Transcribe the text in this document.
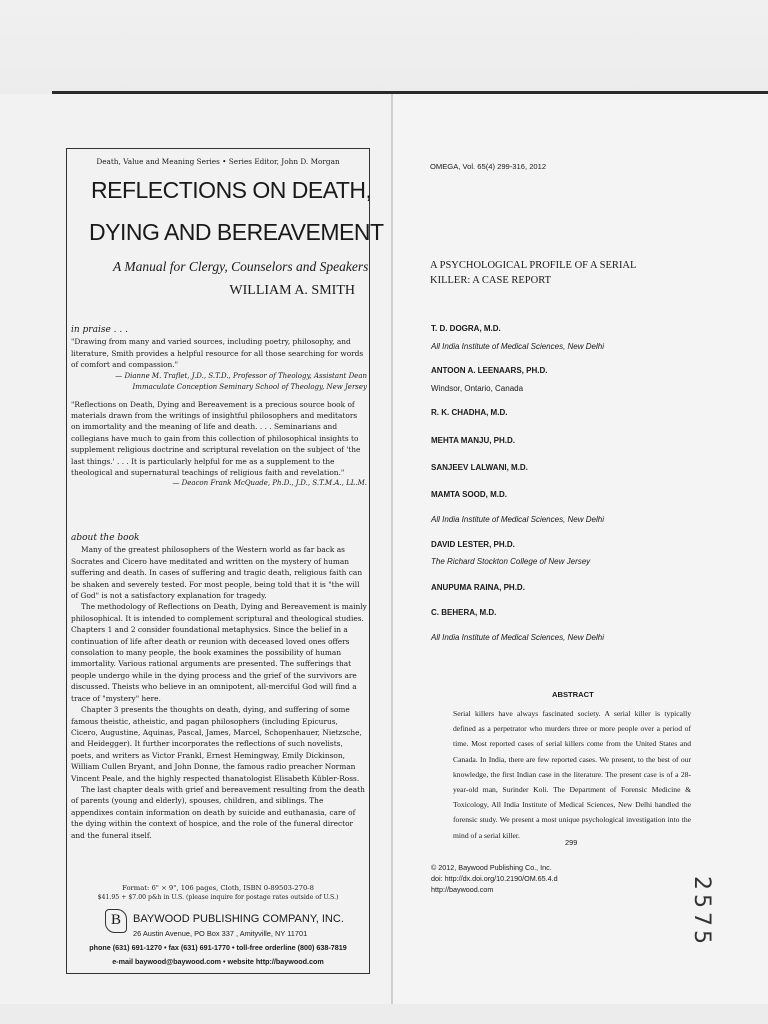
Death, Value and Meaning Series • Series Editor, John D. Morgan
REFLECTIONS ON DEATH,
DYING AND BEREAVEMENT
A Manual for Clergy, Counselors and Speakers
WILLIAM A. SMITH

in praise . . .

"Drawing from many and varied sources, including poetry, philosophy, and literature, Smith provides a helpful resource for all those searching for words of comfort and compassion."

— Dianne M. Traflet, J.D., S.T.D., Professor of Theology, Assistant Dean

Immaculate Conception Seminary School of Theology, New Jersey

"Reflections on Death, Dying and Bereavement is a precious source book of materials drawn from the writings of insightful philosophers and meditators on immortality and the meaning of life and death. . . . Seminarians and collegians have much to gain from this collection of philosophical insights to supplement religious doctrine and scriptural revelation on the subject of 'the last things.' . . . It is particularly helpful for me as a supplement to the theological and supernatural teachings of religious faith and revelation."

— Deacon Frank McQuade, Ph.D., J.D., S.T.M.A., LL.M.

about the book

Many of the greatest philosophers of the Western world as far back as Socrates and Cicero have meditated and written on the mystery of human suffering and death. In cases of suffering and tragic death, religious faith can be shaken and severely tested. For most people, being told that it is "the will of God" is not a satisfactory explanation for tragedy.

The methodology of Reflections on Death, Dying and Bereavement is mainly philosophical. It is intended to complement scriptural and theological studies. Chapters 1 and 2 consider foundational metaphysics. Since the belief in a continuation of life after death or reunion with deceased loved ones offers consolation to many people, the book examines the possibility of human immortality. Various rational arguments are presented. The sufferings that people undergo while in the dying process and the grief of the survivors are discussed. Theists who believe in an omnipotent, all-merciful God will find a trace of "mystery" here.

Chapter 3 presents the thoughts on death, dying, and suffering of some famous theistic, atheistic, and pagan philosophers (including Epicurus, Cicero, Augustine, Aquinas, Pascal, James, Marcel, Schopenhauer, Nietzsche, and Heidegger). It further incorporates the reflections of such novelists, poets, and writers as Victor Frankl, Ernest Hemingway, Emily Dickinson, William Cullen Bryant, and John Donne, the famous radio preacher Norman Vincent Peale, and the highly respected thanatologist Elisabeth Kübler-Ross.

The last chapter deals with grief and bereavement resulting from the death of parents (young and elderly), spouses, children, and siblings. The appendixes contain information on death by suicide and euthanasia, care of the dying within the context of hospice, and the role of the funeral director and the funeral itself.

Format: 6" × 9", 106 pages, Cloth, ISBN 0-89503-270-8
$41.95 + $7.00 p&h in U.S. (please inquire for postage rates outside of U.S.)
B	BAYWOOD PUBLISHING COMPANY, INC.
26 Austin Avenue, PO Box 337 , Amityville, NY 11701
phone (631) 691-1270 • fax (631) 691-1770 • toll-free orderline (800) 638-7819
e-mail baywood@baywood.com • website http://baywood.com
OMEGA, Vol. 65(4) 299-316, 2012
A PSYCHOLOGICAL PROFILE OF A SERIAL KILLER: A CASE REPORT
T. D. DOGRA, M.D.
All India Institute of Medical Sciences, New Delhi
ANTOON A. LEENAARS, PH.D.
Windsor, Ontario, Canada
R. K. CHADHA, M.D.
MEHTA MANJU, PH.D.
SANJEEV LALWANI, M.D.
MAMTA SOOD, M.D.
All India Institute of Medical Sciences, New Delhi
DAVID LESTER, PH.D.
The Richard Stockton College of New Jersey
ANUPUMA RAINA, PH.D.
C. BEHERA, M.D.
All India Institute of Medical Sciences, New Delhi
ABSTRACT
Serial killers have always fascinated society. A serial killer is typically defined as a perpetrator who murders three or more people over a period of time. Most reported cases of serial killers come from the United States and Canada. In India, there are few reported cases. We present, to the best of our knowledge, the first Indian case in the literature. The present case is of a 28-year-old man, Surinder Koli. The Department of Forensic Medicine & Toxicology, All India Institute of Medical Sciences, New Delhi handled the forensic study. We present a most unique psychological investigation into the mind of a serial killer.
299
© 2012, Baywood Publishing Co., Inc.
doi: http://dx.doi.org/10.2190/OM.65.4.d
http://baywood.com	2575
